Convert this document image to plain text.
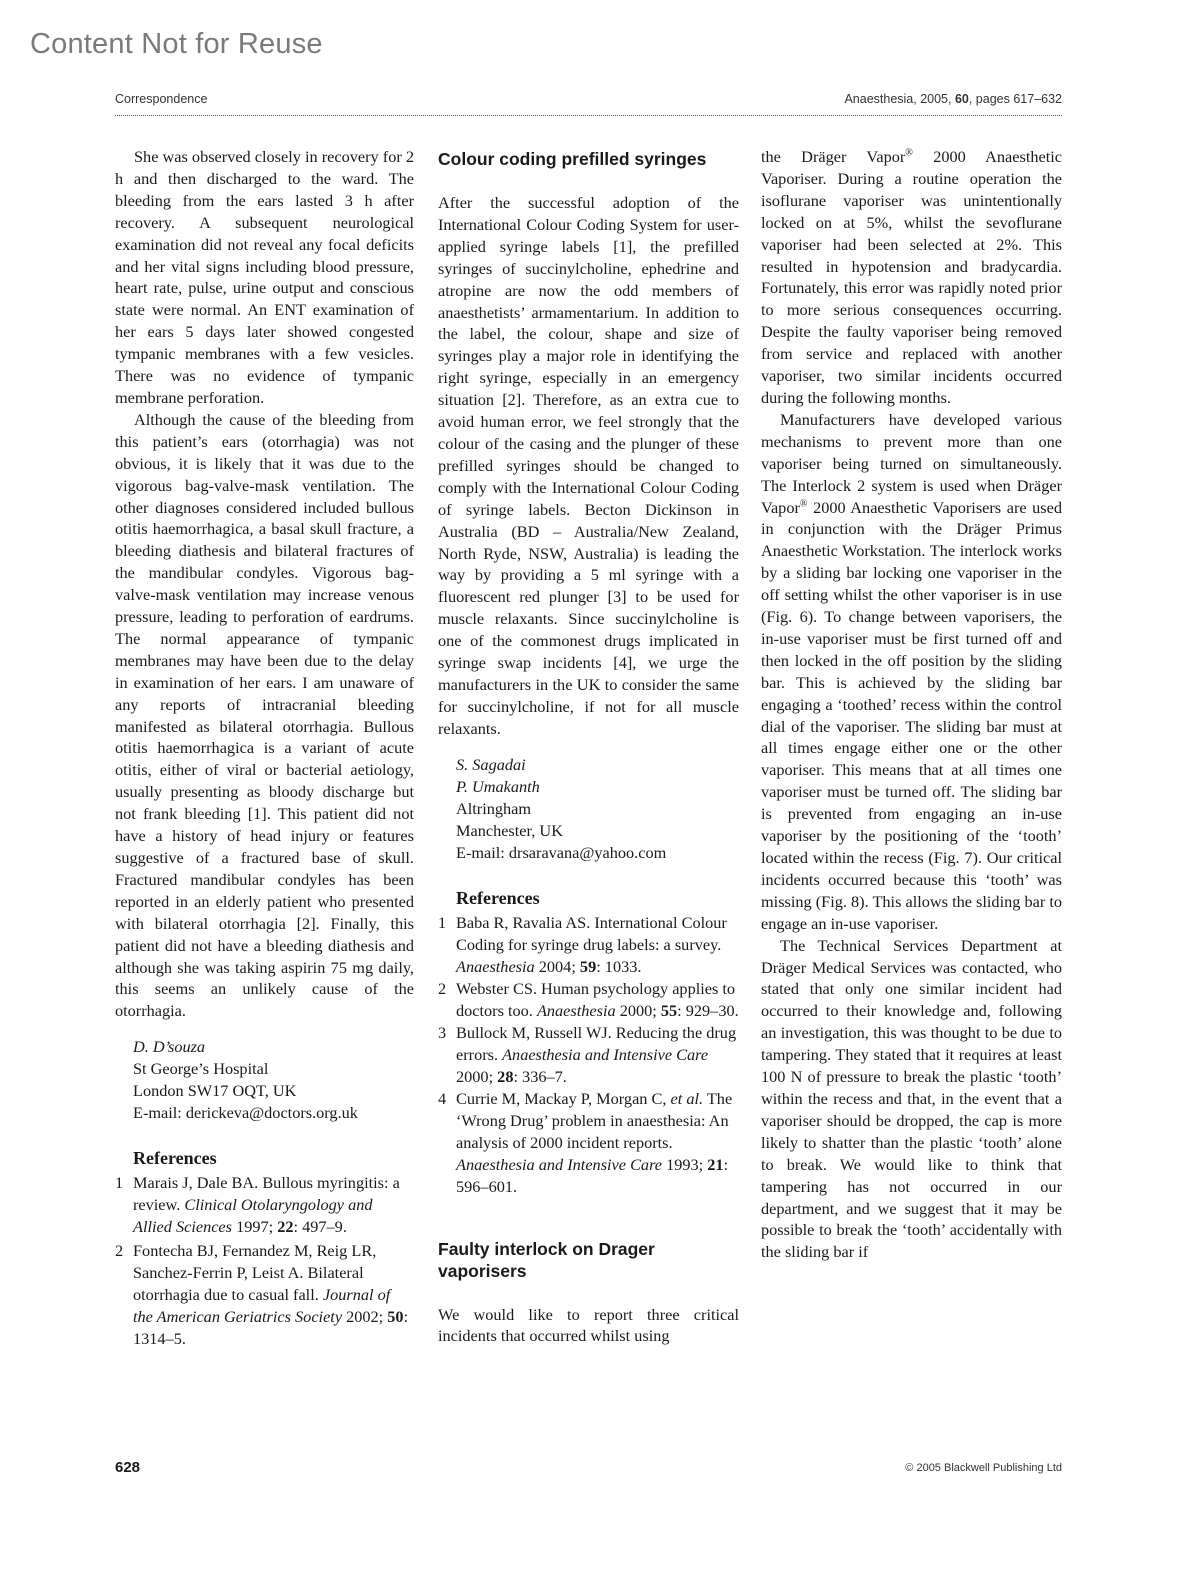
Content Not for Reuse
Correspondence	Anaesthesia, 2005, 60, pages 617–632

She was observed closely in recovery for 2 h and then discharged to the ward. The bleeding from the ears lasted 3 h after recovery. A subsequent neurological examination did not reveal any focal deficits and her vital signs including blood pressure, heart rate, pulse, urine output and conscious state were normal. An ENT examination of her ears 5 days later showed congested tympanic membranes with a few vesicles. There was no evidence of tympanic membrane perforation.

Although the cause of the bleeding from this patient’s ears (otorrhagia) was not obvious, it is likely that it was due to the vigorous bag-valve-mask ventilation. The other diagnoses considered included bullous otitis haemorrhagica, a basal skull fracture, a bleeding diathesis and bilateral fractures of the mandibular condyles. Vigorous bag-valve-mask ventilation may increase venous pressure, leading to perforation of eardrums. The normal appearance of tympanic membranes may have been due to the delay in examination of her ears. I am unaware of any reports of intracranial bleeding manifested as bilateral otorrhagia. Bullous otitis haemorrhagica is a variant of acute otitis, either of viral or bacterial aetiology, usually presenting as bloody discharge but not frank bleeding [1]. This patient did not have a history of head injury or features suggestive of a fractured base of skull. Fractured mandibular condyles has been reported in an elderly patient who presented with bilateral otorrhagia [2]. Finally, this patient did not have a bleeding diathesis and although she was taking aspirin 75 mg daily, this seems an unlikely cause of the otorrhagia.

D. D’souza
St George’s Hospital
London SW17 OQT, UK
E-mail: derickeva@doctors.org.uk
References
1 Marais J, Dale BA. Bullous myringitis: a review. Clinical Otolaryngology and Allied Sciences 1997; 22: 497–9.
2 Fontecha BJ, Fernandez M, Reig LR, Sanchez-Ferrin P, Leist A. Bilateral otorrhagia due to casual fall. Journal of the American Geriatrics Society 2002; 50: 1314–5.
Colour coding prefilled syringes

After the successful adoption of the International Colour Coding System for user-applied syringe labels [1], the prefilled syringes of succinylcholine, ephedrine and atropine are now the odd members of anaesthetists’ armamentarium. In addition to the label, the colour, shape and size of syringes play a major role in identifying the right syringe, especially in an emergency situation [2]. Therefore, as an extra cue to avoid human error, we feel strongly that the colour of the casing and the plunger of these prefilled syringes should be changed to comply with the International Colour Coding of syringe labels. Becton Dickinson in Australia (BD – Australia/New Zealand, North Ryde, NSW, Australia) is leading the way by providing a 5 ml syringe with a fluorescent red plunger [3] to be used for muscle relaxants. Since succinylcholine is one of the commonest drugs implicated in syringe swap incidents [4], we urge the manufacturers in the UK to consider the same for succinylcholine, if not for all muscle relaxants.

S. Sagadai
P. Umakanth
Altringham
Manchester, UK
E-mail: drsaravana@yahoo.com
References
1 Baba R, Ravalia AS. International Colour Coding for syringe drug labels: a survey. Anaesthesia 2004; 59: 1033.
2 Webster CS. Human psychology applies to doctors too. Anaesthesia 2000; 55: 929–30.
3 Bullock M, Russell WJ. Reducing the drug errors. Anaesthesia and Intensive Care 2000; 28: 336–7.
4 Currie M, Mackay P, Morgan C, et al. The ‘Wrong Drug’ problem in anaesthesia: An analysis of 2000 incident reports. Anaesthesia and Intensive Care 1993; 21: 596–601.
Faulty interlock on Drager vaporisers

We would like to report three critical incidents that occurred whilst using

the Dräger Vapor® 2000 Anaesthetic Vaporiser. During a routine operation the isoflurane vaporiser was unintentionally locked on at 5%, whilst the sevoflurane vaporiser had been selected at 2%. This resulted in hypotension and bradycardia. Fortunately, this error was rapidly noted prior to more serious consequences occurring. Despite the faulty vaporiser being removed from service and replaced with another vaporiser, two similar incidents occurred during the following months.

Manufacturers have developed various mechanisms to prevent more than one vaporiser being turned on simultaneously. The Interlock 2 system is used when Dräger Vapor® 2000 Anaesthetic Vaporisers are used in conjunction with the Dräger Primus Anaesthetic Workstation. The interlock works by a sliding bar locking one vaporiser in the off setting whilst the other vaporiser is in use (Fig. 6). To change between vaporisers, the in-use vaporiser must be first turned off and then locked in the off position by the sliding bar. This is achieved by the sliding bar engaging a ‘toothed’ recess within the control dial of the vaporiser. The sliding bar must at all times engage either one or the other vaporiser. This means that at all times one vaporiser must be turned off. The sliding bar is prevented from engaging an in-use vaporiser by the positioning of the ‘tooth’ located within the recess (Fig. 7). Our critical incidents occurred because this ‘tooth’ was missing (Fig. 8). This allows the sliding bar to engage an in-use vaporiser.

The Technical Services Department at Dräger Medical Services was contacted, who stated that only one similar incident had occurred to their knowledge and, following an investigation, this was thought to be due to tampering. They stated that it requires at least 100 N of pressure to break the plastic ‘tooth’ within the recess and that, in the event that a vaporiser should be dropped, the cap is more likely to shatter than the plastic ‘tooth’ alone to break. We would like to think that tampering has not occurred in our department, and we suggest that it may be possible to break the ‘tooth’ accidentally with the sliding bar if

628	© 2005 Blackwell Publishing Ltd
